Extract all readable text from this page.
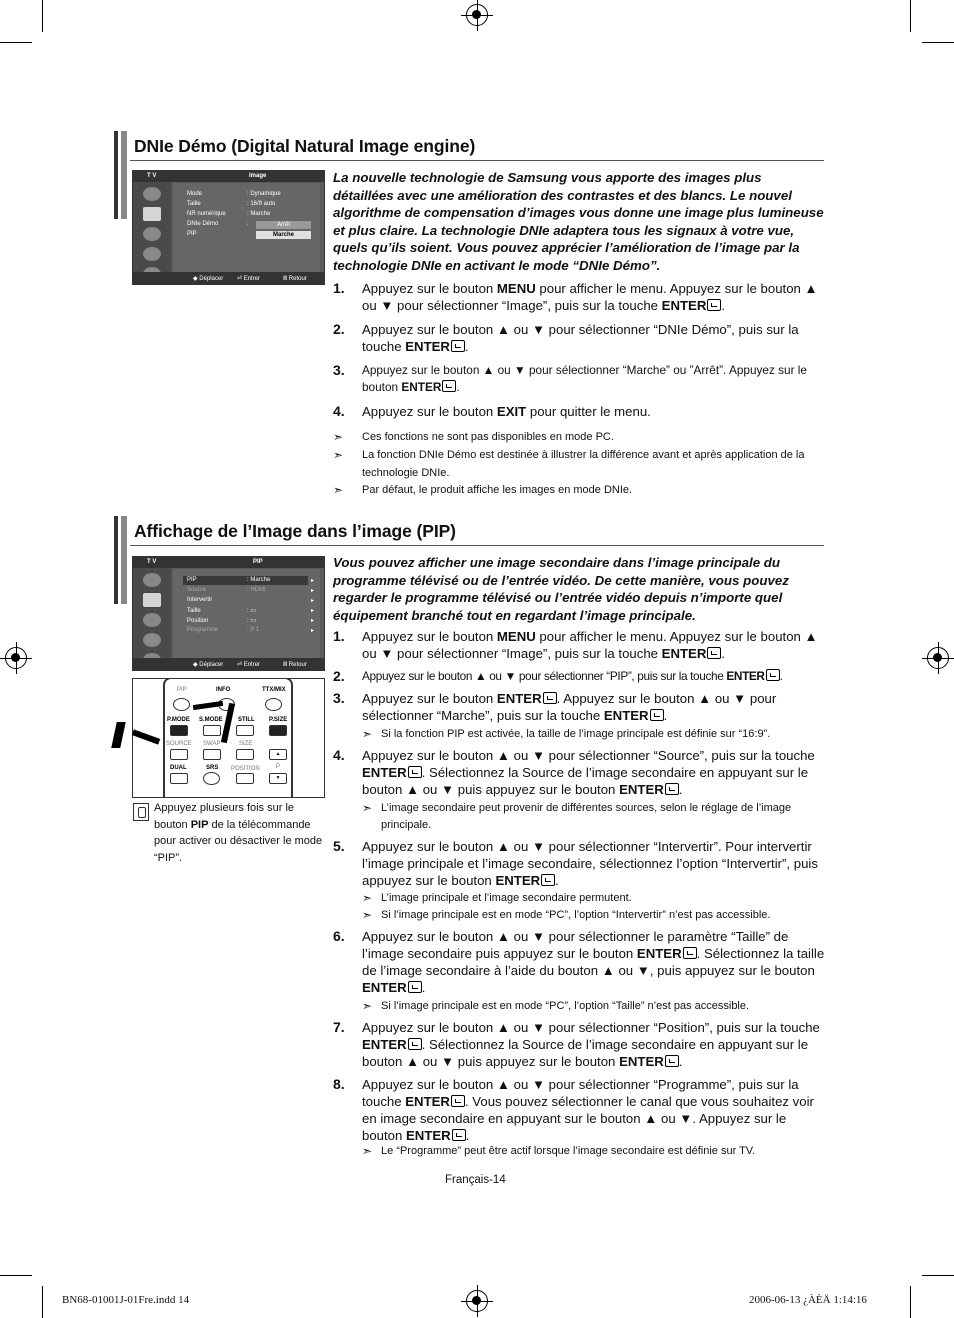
DNIe Démo (Digital Natural Image engine)
T V	Image
Mode	: Dynamique
Taille	: 16/9 auto
NR numérique	: Marche
DNIe Démo	:
PIP
Arrêt
Marche
◆ Déplacer ⏎ Entrer	Ⅲ Retour
La nouvelle technologie de Samsung vous apporte des images plus détaillées avec une amélioration des contrastes et des blancs. Le nouvel algorithme de compensation d’images vous donne une image plus lumineuse et plus claire. La technologie DNIe adaptera tous les signaux à votre vue, quels qu’ils soient. Vous pouvez apprécier l’amélioration de l’image par la technologie DNIe en activant le mode “DNIe Démo”.
1. Appuyez sur le bouton MENU pour afficher le menu. Appuyez sur le bouton ▲ ou ▼ pour sélectionner “Image”, puis sur la touche ENTER .
2. Appuyez sur le bouton ▲ ou ▼ pour sélectionner “DNIe Démo”, puis sur la touche ENTER .
3. Appuyez sur le bouton ▲ ou ▼ pour sélectionner “Marche” ou ”Arrêt”. Appuyez sur le bouton ENTER .
4. Appuyez sur le bouton EXIT pour quitter le menu.
➣ Ces fonctions ne sont pas disponibles en mode PC.
➣ La fonction DNIe Démo est destinée à illustrer la différence avant et après application de la technologie DNIe.
➣ Par défaut, le produit affiche les images en mode DNIe.
Affichage de l’Image dans l’image (PIP)
T V	PIP
PIP	: Marche
Source	: HDMI
Intervertir
Taille	: ▭
Position	: ▭
Programme	: P 1
▸
▸
▸
▸
▸
▸
◆ Déplacer ⏎ Entrer	Ⅲ Retour
PIP	INFO	TTX/MIX
P.MODE S.MODE	STILL P.SIZE
SOURCE SWAP	SIZE
▲
DUAL	SRS POSITION	P
▼
Appuyez plusieurs fois sur le bouton PIP de la télécommande pour activer ou désactiver le mode “PIP”.
Vous pouvez afficher une image secondaire dans l’image principale du programme télévisé ou de l’entrée vidéo. De cette manière, vous pouvez regarder le programme télévisé ou l’entrée vidéo depuis n’importe quel équipement branché tout en regardant l’image principale.
1. Appuyez sur le bouton MENU pour afficher le menu. Appuyez sur le bouton ▲ ou ▼ pour sélectionner “Image”, puis sur la touche ENTER .
2. Appuyez sur le bouton ▲ ou ▼ pour sélectionner “PIP”, puis sur la touche ENTER .
3. Appuyez sur le bouton ENTER . Appuyez sur le bouton ▲ ou ▼ pour sélectionner “Marche”, puis sur la touche ENTER .
➣ Si la fonction PIP est activée, la taille de l’image principale est définie sur “16:9”.
4. Appuyez sur le bouton ▲ ou ▼ pour sélectionner “Source”, puis sur la touche ENTER . Sélectionnez la Source de l’image secondaire en appuyant sur le bouton ▲ ou ▼ puis appuyez sur le bouton ENTER .
➣ L’image secondaire peut provenir de différentes sources, selon le réglage de l’image principale.
5. Appuyez sur le bouton ▲ ou ▼ pour sélectionner “Intervertir”. Pour intervertir l’image principale et l’image secondaire, sélectionnez l’option “Intervertir”, puis appuyez sur le bouton ENTER .
➣ L’image principale et l’image secondaire permutent.
➣ Si l’image principale est en mode “PC”, l’option “Intervertir” n’est pas accessible.
6. Appuyez sur le bouton ▲ ou ▼ pour sélectionner le paramètre “Taille” de l’image secondaire puis appuyez sur le bouton ENTER . Sélectionnez la taille de l’image secondaire à l’aide du bouton ▲ ou ▼, puis appuyez sur le bouton ENTER .
➣ Si l’image principale est en mode “PC”, l’option “Taille” n’est pas accessible.
7. Appuyez sur le bouton ▲ ou ▼ pour sélectionner “Position”, puis sur la touche ENTER . Sélectionnez la Source de l’image secondaire en appuyant sur le bouton ▲ ou ▼ puis appuyez sur le bouton ENTER .
8. Appuyez sur le bouton ▲ ou ▼ pour sélectionner “Programme”, puis sur la touche ENTER . Vous pouvez sélectionner le canal que vous souhaitez voir en image secondaire en appuyant sur le bouton ▲ ou ▼. Appuyez sur le bouton ENTER .
➣ Le “Programme” peut être actif lorsque l’image secondaire est définie sur TV.
Français-14
BN68-01001J-01Fre.indd 14	2006-06-13 ¿ÀÈÄ 1:14:16
